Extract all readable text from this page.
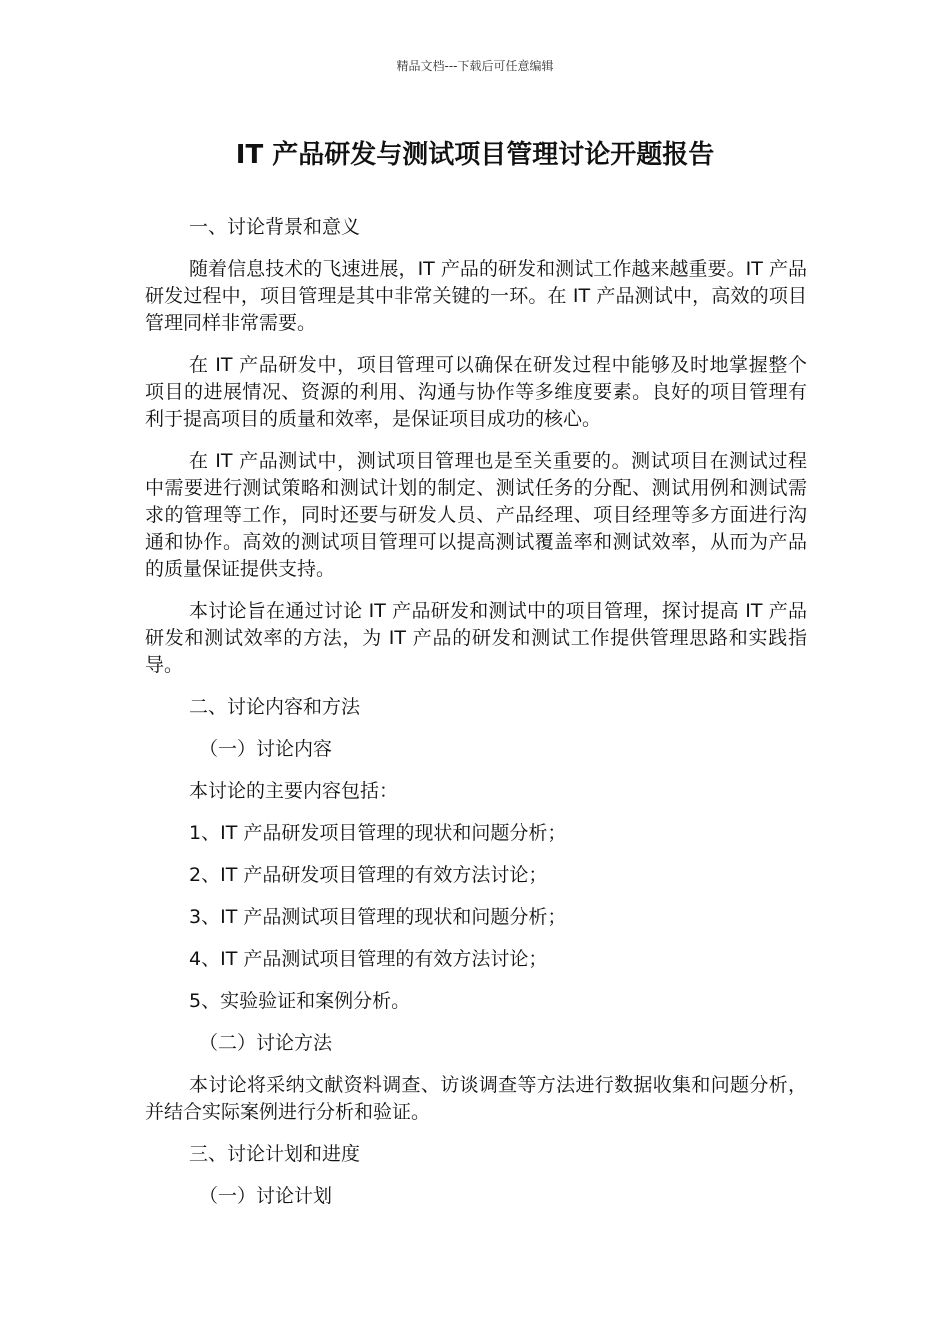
精品文档---下载后可任意编辑
IT 产品研发与测试项目管理讨论开题报告
一、讨论背景和意义
随着信息技术的飞速进展，IT 产品的研发和测试工作越来越重要。IT 产品研发过程中，项目管理是其中非常关键的一环。在 IT 产品测试中，高效的项目管理同样非常需要。
在 IT 产品研发中，项目管理可以确保在研发过程中能够及时地掌握整个项目的进展情况、资源的利用、沟通与协作等多维度要素。良好的项目管理有利于提高项目的质量和效率，是保证项目成功的核心。
在 IT 产品测试中，测试项目管理也是至关重要的。测试项目在测试过程中需要进行测试策略和测试计划的制定、测试任务的分配、测试用例和测试需求的管理等工作，同时还要与研发人员、产品经理、项目经理等多方面进行沟通和协作。高效的测试项目管理可以提高测试覆盖率和测试效率，从而为产品的质量保证提供支持。
本讨论旨在通过讨论 IT 产品研发和测试中的项目管理，探讨提高 IT 产品研发和测试效率的方法，为 IT 产品的研发和测试工作提供管理思路和实践指导。
二、讨论内容和方法
（一）讨论内容
本讨论的主要内容包括：
1、IT 产品研发项目管理的现状和问题分析；
2、IT 产品研发项目管理的有效方法讨论；
3、IT 产品测试项目管理的现状和问题分析；
4、IT 产品测试项目管理的有效方法讨论；
5、实验验证和案例分析。
（二）讨论方法
本讨论将采纳文献资料调查、访谈调查等方法进行数据收集和问题分析，并结合实际案例进行分析和验证。
三、讨论计划和进度
（一）讨论计划
